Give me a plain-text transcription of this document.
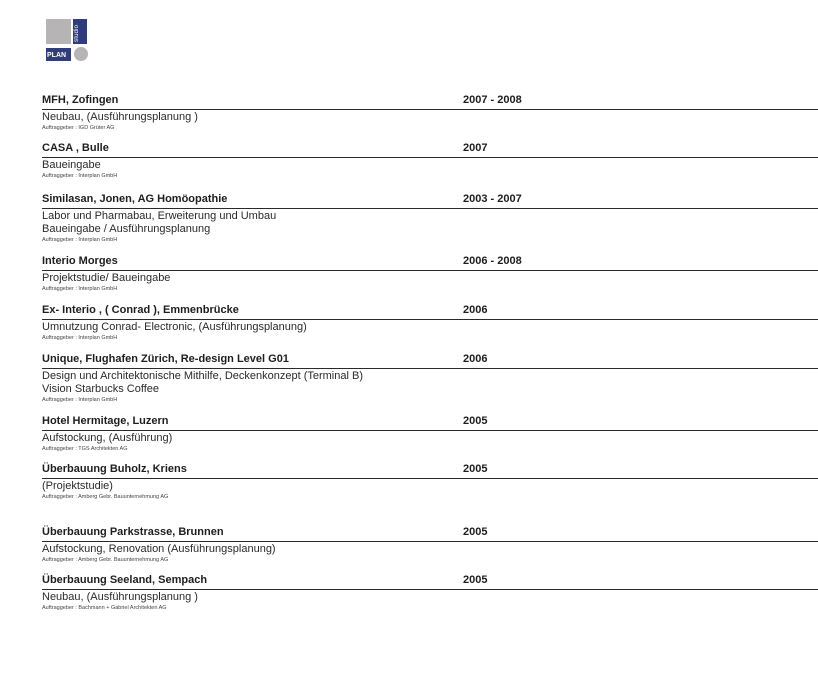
studio
PLAN
MFH, Zofingen	2007 - 2008
Neubau, (Ausführungsplanung )
Auftraggeber : IGD Grüter AG
CASA , Bulle	2007
Baueingabe
Auftraggeber : Interplan GmbH
Similasan, Jonen, AG Homöopathie	2003 - 2007
Labor und Pharmabau, Erweiterung und Umbau
Baueingabe / Ausführungsplanung
Auftraggeber : Interplan GmbH
Interio Morges	2006 - 2008
Projektstudie/ Baueingabe
Auftraggeber : Interplan GmbH
Ex- Interio , ( Conrad ), Emmenbrücke	2006
Umnutzung Conrad- Electronic, (Ausführungsplanung)
Auftraggeber : Interplan GmbH
Unique, Flughafen Zürich, Re-design Level G01	2006
Design und Architektonische Mithilfe, Deckenkonzept (Terminal B)
Vision Starbucks Coffee
Auftraggeber : Interplan GmbH
Hotel Hermitage, Luzern	2005
Aufstockung, (Ausführung)
Auftraggeber : TGS Architekten AG
Überbauung Buholz, Kriens	2005
(Projektstudie)
Auftraggeber : Amberg Gebr. Bauunternehmung AG
Überbauung Parkstrasse, Brunnen	2005
Aufstockung, Renovation (Ausführungsplanung)
Auftraggeber : Amberg Gebr. Bauunternehmung AG
Überbauung Seeland, Sempach	2005
Neubau, (Ausführungsplanung )
Auftraggeber : Bachmann + Gabriel Architekten AG
